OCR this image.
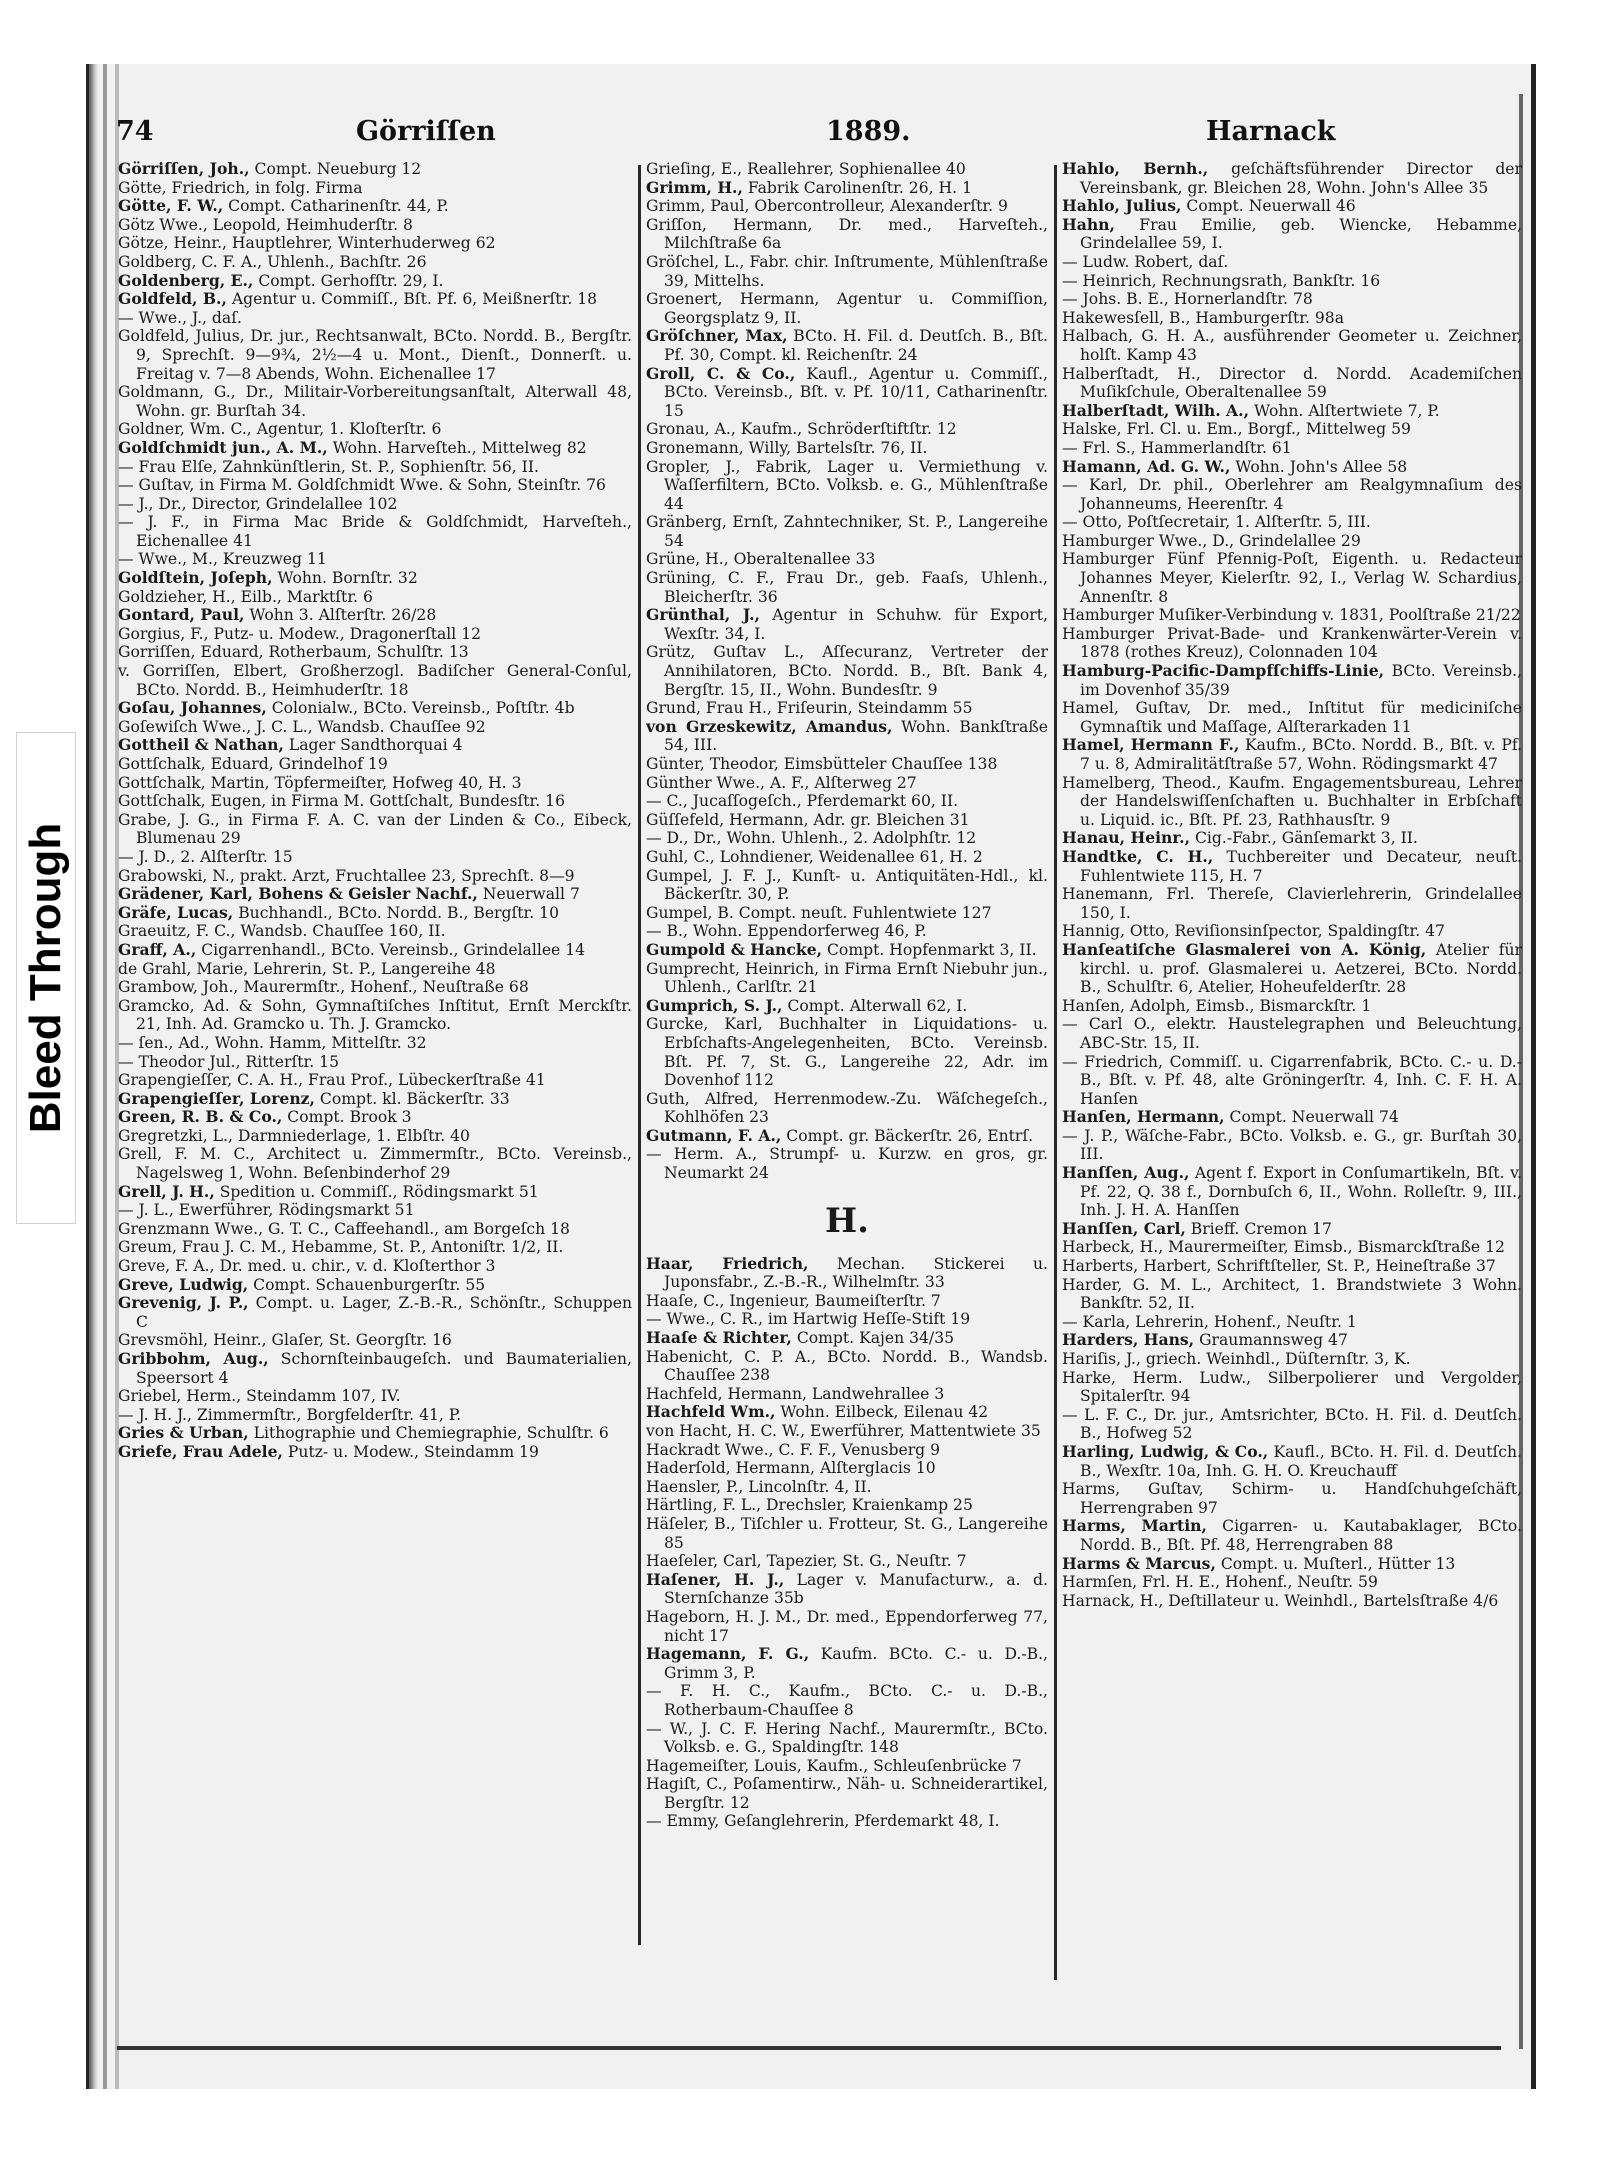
74	Görriſſen	1889.	Harnack

Görriſſen, Joh., Compt. Neueburg 12

Götte, Friedrich, in folg. Firma

Götte, F. W., Compt. Catharinenſtr. 44, P.

Götz Wwe., Leopold, Heimhuderſtr. 8

Götze, Heinr., Hauptlehrer, Winterhuderweg 62

Goldberg, C. F. A., Uhlenh., Bachſtr. 26

Goldenberg, E., Compt. Gerhofſtr. 29, I.

Goldfeld, B., Agentur u. Commiſſ., Bſt. Pf. 6, Meißnerſtr. 18

— Wwe., J., daſ.

Goldfeld, Julius, Dr. jur., Rechtsanwalt, BCto. Nordd. B., Bergſtr. 9, Sprechſt. 9—9¾, 2½—4 u. Mont., Dienſt., Donnerſt. u. Freitag v. 7—8 Abends, Wohn. Eichenallee 17

Goldmann, G., Dr., Militair-Vorbereitungsanſtalt, Alterwall 48, Wohn. gr. Burſtah 34.

Goldner, Wm. C., Agentur, 1. Kloſterſtr. 6

Goldſchmidt jun., A. M., Wohn. Harveſteh., Mittelweg 82

— Frau Elſe, Zahnkünſtlerin, St. P., Sophienſtr. 56, II.

— Guſtav, in Firma M. Goldſchmidt Wwe. & Sohn, Steinſtr. 76

— J., Dr., Director, Grindelallee 102

— J. F., in Firma Mac Bride & Goldſchmidt, Harveſteh., Eichenallee 41

— Wwe., M., Kreuzweg 11

Goldſtein, Joſeph, Wohn. Bornſtr. 32

Goldzieher, H., Eilb., Marktſtr. 6

Gontard, Paul, Wohn 3. Alſterſtr. 26/28

Gorgius, F., Putz- u. Modew., Dragonerſtall 12

Gorriſſen, Eduard, Rotherbaum, Schulſtr. 13

v. Gorriſſen, Elbert, Großherzogl. Badiſcher General-Conſul, BCto. Nordd. B., Heimhuderſtr. 18

Goſau, Johannes, Colonialw., BCto. Vereinsb., Poſtſtr. 4b

Goſewiſch Wwe., J. C. L., Wandsb. Chauſſee 92

Gottheil & Nathan, Lager Sandthorquai 4

Gottſchalk, Eduard, Grindelhof 19

Gottſchalk, Martin, Töpfermeiſter, Hofweg 40, H. 3

Gottſchalk, Eugen, in Firma M. Gottſchalt, Bundesſtr. 16

Grabe, J. G., in Firma F. A. C. van der Linden & Co., Eibeck, Blumenau 29

— J. D., 2. Alſterſtr. 15

Grabowski, N., prakt. Arzt, Fruchtallee 23, Sprechſt. 8—9

Grädener, Karl, Bohens & Geisler Nachf., Neuerwall 7

Gräfe, Lucas, Buchhandl., BCto. Nordd. B., Bergſtr. 10

Graeuitz, F. C., Wandsb. Chauſſee 160, II.

Graff, A., Cigarrenhandl., BCto. Vereinsb., Grindelallee 14

de Grahl, Marie, Lehrerin, St. P., Langereihe 48

Grambow, Joh., Maurermſtr., Hohenf., Neuſtraße 68

Gramcko, Ad. & Sohn, Gymnaſtiſches Inſtitut, Ernſt Merckſtr. 21, Inh. Ad. Gramcko u. Th. J. Gramcko.

— ſen., Ad., Wohn. Hamm, Mittelſtr. 32

— Theodor Jul., Ritterſtr. 15

Grapengieſſer, C. A. H., Frau Prof., Lübeckerſtraße 41

Grapengieſſer, Lorenz, Compt. kl. Bäckerſtr. 33

Green, R. B. & Co., Compt. Brook 3

Gregretzki, L., Darmniederlage, 1. Elbſtr. 40

Grell, F. M. C., Architect u. Zimmermſtr., BCto. Vereinsb., Nagelsweg 1, Wohn. Beſenbinderhof 29

Grell, J. H., Spedition u. Commiſſ., Rödingsmarkt 51

— J. L., Ewerführer, Rödingsmarkt 51

Grenzmann Wwe., G. T. C., Caffeehandl., am Borgeſch 18

Greum, Frau J. C. M., Hebamme, St. P., Antoniſtr. 1/2, II.

Greve, F. A., Dr. med. u. chir., v. d. Kloſterthor 3

Greve, Ludwig, Compt. Schauenburgerſtr. 55

Grevenig, J. P., Compt. u. Lager, Z.-B.-R., Schönſtr., Schuppen C

Grevsmöhl, Heinr., Glaſer, St. Georgſtr. 16

Gribbohm, Aug., Schornſteinbaugeſch. und Baumaterialien, Speersort 4

Griebel, Herm., Steindamm 107, IV.

— J. H. J., Zimmermſtr., Borgfelderſtr. 41, P.

Gries & Urban, Lithographie und Chemiegraphie, Schulſtr. 6

Griefe, Frau Adele, Putz- u. Modew., Steindamm 19

Grieſing, E., Reallehrer, Sophienallee 40

Grimm, H., Fabrik Carolinenſtr. 26, H. 1

Grimm, Paul, Obercontrolleur, Alexanderſtr. 9

Griſſon, Hermann, Dr. med., Harveſteh., Milchſtraße 6a

Gröſchel, L., Fabr. chir. Inſtrumente, Mühlenſtraße 39, Mittelhs.

Groenert, Hermann, Agentur u. Commiſſion, Georgsplatz 9, II.

Gröſchner, Max, BCto. H. Fil. d. Deutſch. B., Bſt. Pf. 30, Compt. kl. Reichenſtr. 24

Groll, C. & Co., Kaufl., Agentur u. Commiſſ., BCto. Vereinsb., Bſt. v. Pf. 10/11, Catharinenſtr. 15

Gronau, A., Kaufm., Schröderſtiftſtr. 12

Gronemann, Willy, Bartelsſtr. 76, II.

Gropler, J., Fabrik, Lager u. Vermiethung v. Waſſerfiltern, BCto. Volksb. e. G., Mühlenſtraße 44

Gränberg, Ernſt, Zahntechniker, St. P., Langereihe 54

Grüne, H., Oberaltenallee 33

Grüning, C. F., Frau Dr., geb. Faaſs, Uhlenh., Bleicherſtr. 36

Grünthal, J., Agentur in Schuhw. für Export, Wexſtr. 34, I.

Grütz, Guſtav L., Aſſecuranz, Vertreter der Annihilatoren, BCto. Nordd. B., Bſt. Bank 4, Bergſtr. 15, II., Wohn. Bundesſtr. 9

Grund, Frau H., Friſeurin, Steindamm 55

von Grzeskewitz, Amandus, Wohn. Bankſtraße 54, III.

Günter, Theodor, Eimsbütteler Chauſſee 138

Günther Wwe., A. F., Alſterweg 27

— C., Jucaſſogeſch., Pferdemarkt 60, II.

Güſſefeld, Hermann, Adr. gr. Bleichen 31

— D., Dr., Wohn. Uhlenh., 2. Adolphſtr. 12

Guhl, C., Lohndiener, Weidenallee 61, H. 2

Gumpel, J. F. J., Kunſt- u. Antiquitäten-Hdl., kl. Bäckerſtr. 30, P.

Gumpel, B. Compt. neuſt. Fuhlentwiete 127

— B., Wohn. Eppendorferweg 46, P.

Gumpold & Hancke, Compt. Hopfenmarkt 3, II.

Gumprecht, Heinrich, in Firma Ernſt Niebuhr jun., Uhlenh., Carlſtr. 21

Gumprich, S. J., Compt. Alterwall 62, I.

Gurcke, Karl, Buchhalter in Liquidations- u. Erbſchafts-Angelegenheiten, BCto. Vereinsb. Bſt. Pf. 7, St. G., Langereihe 22, Adr. im Dovenhof 112

Guth, Alfred, Herrenmodew.-Zu. Wäſchegeſch., Kohlhöfen 23

Gutmann, F. A., Compt. gr. Bäckerſtr. 26, Entrſ.

— Herm. A., Strumpf- u. Kurzw. en gros, gr. Neumarkt 24

H.

Haar, Friedrich, Mechan. Stickerei u. Juponsfabr., Z.-B.-R., Wilhelmſtr. 33

Haaſe, C., Ingenieur, Baumeiſterſtr. 7

— Wwe., C. R., im Hartwig Heſſe-Stift 19

Haaſe & Richter, Compt. Kajen 34/35

Habenicht, C. P. A., BCto. Nordd. B., Wandsb. Chauſſee 238

Hachfeld, Hermann, Landwehrallee 3

Hachfeld Wm., Wohn. Eilbeck, Eilenau 42

von Hacht, H. C. W., Ewerführer, Mattentwiete 35

Hackradt Wwe., C. F. F., Venusberg 9

Haderſold, Hermann, Alſterglacis 10

Haensler, P., Lincolnſtr. 4, II.

Härtling, F. L., Drechsler, Kraienkamp 25

Häſeler, B., Tiſchler u. Frotteur, St. G., Langereihe 85

Haeſeler, Carl, Tapezier, St. G., Neuſtr. 7

Haſener, H. J., Lager v. Manufacturw., a. d. Sternſchanze 35b

Hageborn, H. J. M., Dr. med., Eppendorferweg 77, nicht 17

Hagemann, F. G., Kaufm. BCto. C.- u. D.-B., Grimm 3, P.

— F. H. C., Kaufm., BCto. C.- u. D.-B., Rotherbaum-Chauſſee 8

— W., J. C. F. Hering Nachf., Maurermſtr., BCto. Volksb. e. G., Spaldingſtr. 148

Hagemeiſter, Louis, Kaufm., Schleuſenbrücke 7

Hagiſt, C., Poſamentirw., Näh- u. Schneiderartikel, Bergſtr. 12

— Emmy, Geſanglehrerin, Pferdemarkt 48, I.

Hahlo, Bernh., geſchäftsführender Director der Vereinsbank, gr. Bleichen 28, Wohn. John's Allee 35

Hahlo, Julius, Compt. Neuerwall 46

Hahn, Frau Emilie, geb. Wiencke, Hebamme, Grindelallee 59, I.

— Ludw. Robert, daſ.

— Heinrich, Rechnungsrath, Bankſtr. 16

— Johs. B. E., Hornerlandſtr. 78

Hakewesſell, B., Hamburgerſtr. 98a

Halbach, G. H. A., ausführender Geometer u. Zeichner, holſt. Kamp 43

Halberſtadt, H., Director d. Nordd. Academiſchen Muſikſchule, Oberaltenallee 59

Halberſtadt, Wilh. A., Wohn. Alſtertwiete 7, P.

Halske, Frl. Cl. u. Em., Borgf., Mittelweg 59

— Frl. S., Hammerlandſtr. 61

Hamann, Ad. G. W., Wohn. John's Allee 58

— Karl, Dr. phil., Oberlehrer am Realgymnaſium des Johanneums, Heerenſtr. 4

— Otto, Poſtſecretair, 1. Alſterſtr. 5, III.

Hamburger Wwe., D., Grindelallee 29

Hamburger Fünf Pfennig-Poſt, Eigenth. u. Redacteur Johannes Meyer, Kielerſtr. 92, I., Verlag W. Schardius, Annenſtr. 8

Hamburger Muſiker-Verbindung v. 1831, Poolſtraße 21/22

Hamburger Privat-Bade- und Krankenwärter-Verein v. 1878 (rothes Kreuz), Colonnaden 104

Hamburg-Pacific-Dampfſchiffs-Linie, BCto. Vereinsb., im Dovenhof 35/39

Hamel, Guſtav, Dr. med., Inſtitut für mediciniſche Gymnaſtik und Maſſage, Alſterarkaden 11

Hamel, Hermann F., Kaufm., BCto. Nordd. B., Bſt. v. Pf. 7 u. 8, Admiralitätſtraße 57, Wohn. Rödingsmarkt 47

Hamelberg, Theod., Kaufm. Engagementsbureau, Lehrer der Handelswiſſenſchaften u. Buchhalter in Erbſchaft u. Liquid. ic., Bſt. Pf. 23, Rathhausſtr. 9

Hanau, Heinr., Cig.-Fabr., Gänſemarkt 3, II.

Handtke, C. H., Tuchbereiter und Decateur, neuſt. Fuhlentwiete 115, H. 7

Hanemann, Frl. Thereſe, Clavierlehrerin, Grindelallee 150, I.

Hannig, Otto, Reviſionsinſpector, Spaldingſtr. 47

Hanſeatiſche Glasmalerei von A. König, Atelier für kirchl. u. prof. Glasmalerei u. Aetzerei, BCto. Nordd. B., Schulſtr. 6, Atelier, Hoheufelderſtr. 28

Hanſen, Adolph, Eimsb., Bismarckſtr. 1

— Carl O., elektr. Haustelegraphen und Beleuchtung, ABC-Str. 15, II.

— Friedrich, Commiſſ. u. Cigarrenfabrik, BCto. C.- u. D.-B., Bſt. v. Pf. 48, alte Gröningerſtr. 4, Inh. C. F. H. A. Hanſen

Hanſen, Hermann, Compt. Neuerwall 74

— J. P., Wäſche-Fabr., BCto. Volksb. e. G., gr. Burſtah 30, III.

Hanſſen, Aug., Agent f. Export in Conſumartikeln, Bſt. v. Pf. 22, Q. 38 f., Dornbuſch 6, II., Wohn. Rolleſtr. 9, III., Inh. J. H. A. Hanſſen

Hanſſen, Carl, Brieff. Cremon 17

Harbeck, H., Maurermeiſter, Eimsb., Bismarckſtraße 12

Harberts, Harbert, Schriftſteller, St. P., Heineſtraße 37

Harder, G. M. L., Architect, 1. Brandstwiete 3 Wohn. Bankſtr. 52, II.

— Karla, Lehrerin, Hohenf., Neuſtr. 1

Harders, Hans, Graumannsweg 47

Hariſis, J., griech. Weinhdl., Düſternſtr. 3, K.

Harke, Herm. Ludw., Silberpolierer und Vergolder, Spitalerſtr. 94

— L. F. C., Dr. jur., Amtsrichter, BCto. H. Fil. d. Deutſch. B., Hofweg 52

Harling, Ludwig, & Co., Kaufl., BCto. H. Fil. d. Deutſch. B., Wexſtr. 10a, Inh. G. H. O. Kreuchauff

Harms, Guſtav, Schirm- u. Handſchuhgeſchäft, Herrengraben 97

Harms, Martin, Cigarren- u. Kautabaklager, BCto. Nordd. B., Bſt. Pf. 48, Herrengraben 88

Harms & Marcus, Compt. u. Muſterl., Hütter 13

Harmſen, Frl. H. E., Hohenf., Neuſtr. 59

Harnack, H., Deſtillateur u. Weinhdl., Bartelsſtraße 4/6

Bleed Through
